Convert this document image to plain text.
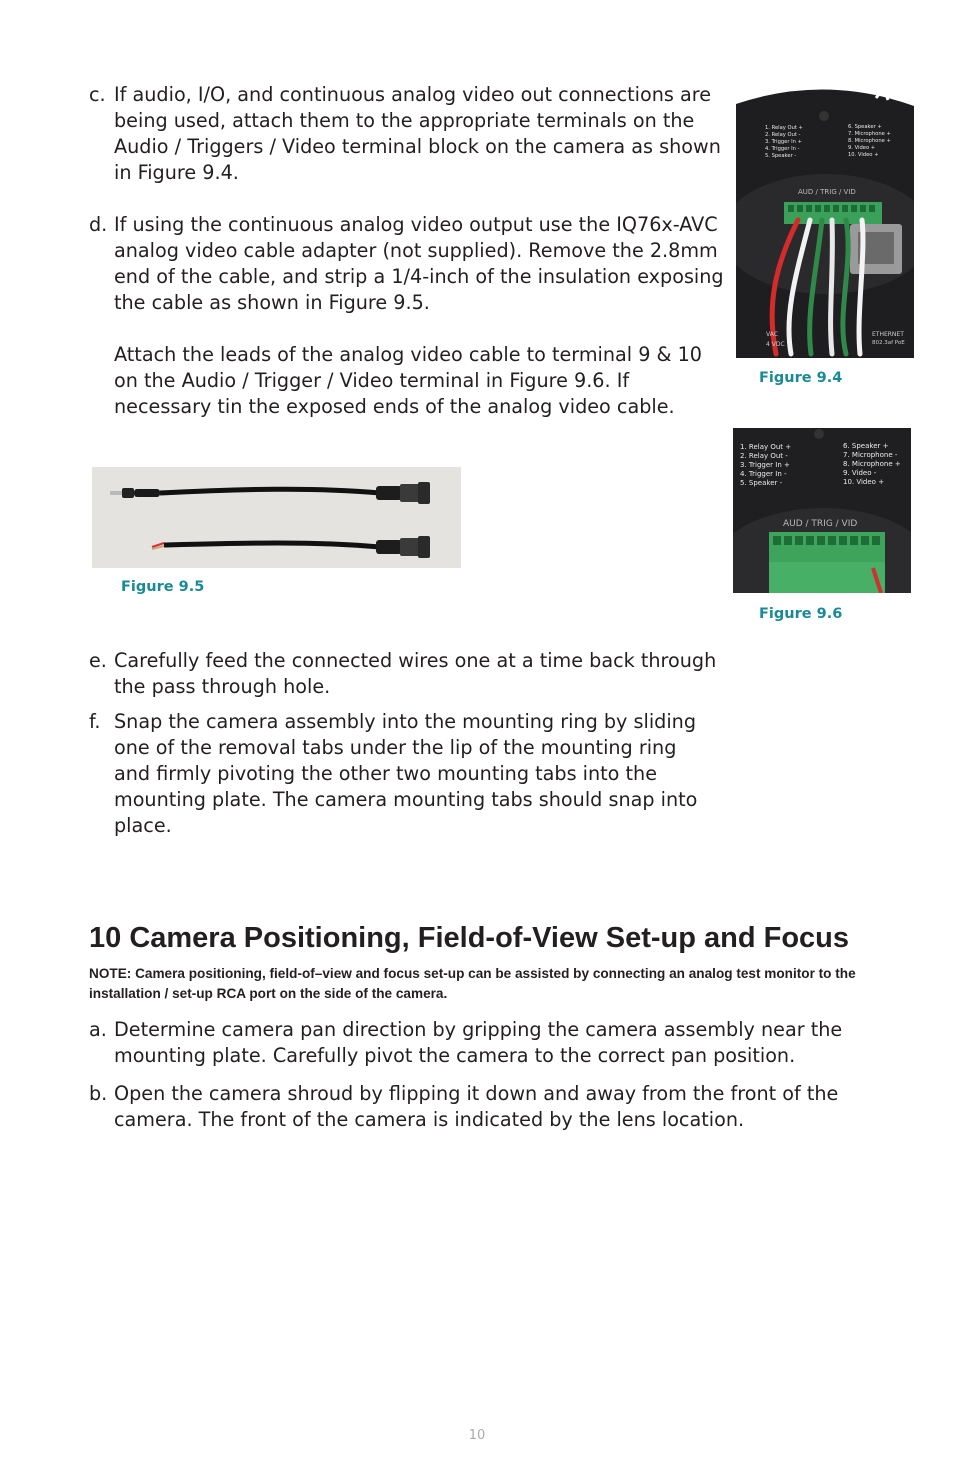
c. If audio, I/O, and continuous analog video out connections are being used, attach them to the appropriate terminals on the Audio / Triggers / Video terminal block on the camera as shown in Figure 9.4.
d. If using the continuous analog video output use the IQ76x-AVC analog video cable adapter (not supplied). Remove the 2.8mm end of the cable, and strip a 1/4-inch of the insulation exposing the cable as shown in Figure 9.5.
Attach the leads of the analog video cable to terminal 9 & 10 on the Audio / Trigger / Video terminal in Figure 9.6. If necessary tin the exposed ends of the analog video cable.
1. Relay Out +
2. Relay Out -
3. Trigger In +
4. Trigger In -
5. Speaker -
6. Speaker +
7. Microphone +
8. Microphone +
9. Video +
10. Video +
AUD / TRIG / VID
ETHERNET
802.3af PoE
VAC
4 VDC
Figure 9.4
Figure 9.5
1. Relay Out +
2. Relay Out -
3. Trigger In +
4. Trigger In -
5. Speaker -
6. Speaker +
7. Microphone -
8. Microphone +
9. Video -
10. Video +
AUD / TRIG / VID
Figure 9.6
e. Carefully feed the connected wires one at a time back through the pass through hole.
f. Snap the camera assembly into the mounting ring by sliding one of the removal tabs under the lip of the mounting ring and firmly pivoting the other two mounting tabs into the mounting plate. The camera mounting tabs should snap into place.
10 Camera Positioning, Field-of-View Set-up and Focus
NOTE: Camera positioning, field-of–view and focus set-up can be assisted by connecting an analog test monitor to the installation / set-up RCA port on the side of the camera.
a. Determine camera pan direction by gripping the camera assembly near the mounting plate. Carefully pivot the camera to the correct pan position.
b. Open the camera shroud by flipping it down and away from the front of the camera. The front of the camera is indicated by the lens location.
10
